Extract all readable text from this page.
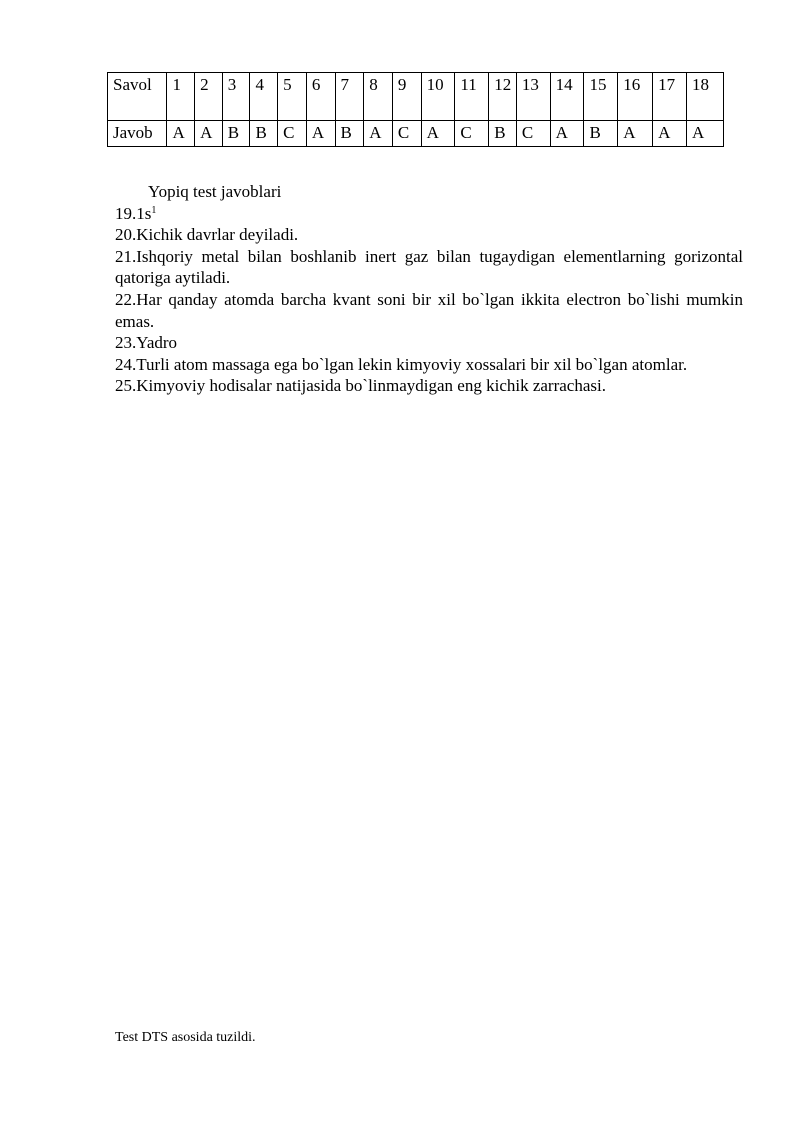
Savol	1	2	3	4	5	6	7	8	9	10	11	12	13	14	15	16	17	18
Javob	A	A	B	B	C	A	B	A	C	A	C	B	C	A	B	A	A	A

Yopiq test javoblari

$19.1s^1$

20.Kichik davrlar deyiladi.

21.Ishqoriy metal bilan boshlanib inert gaz bilan tugaydigan elementlarning gorizontal qatoriga aytiladi.

22.Har qanday atomda barcha kvant soni bir xil bo`lgan ikkita electron bo`lishi mumkin emas.

23.Yadro

24.Turli atom massaga ega bo`lgan lekin kimyoviy xossalari bir xil bo`lgan atomlar.

25.Kimyoviy hodisalar natijasida bo`linmaydigan eng kichik zarrachasi.

Test DTS asosida tuzildi.
